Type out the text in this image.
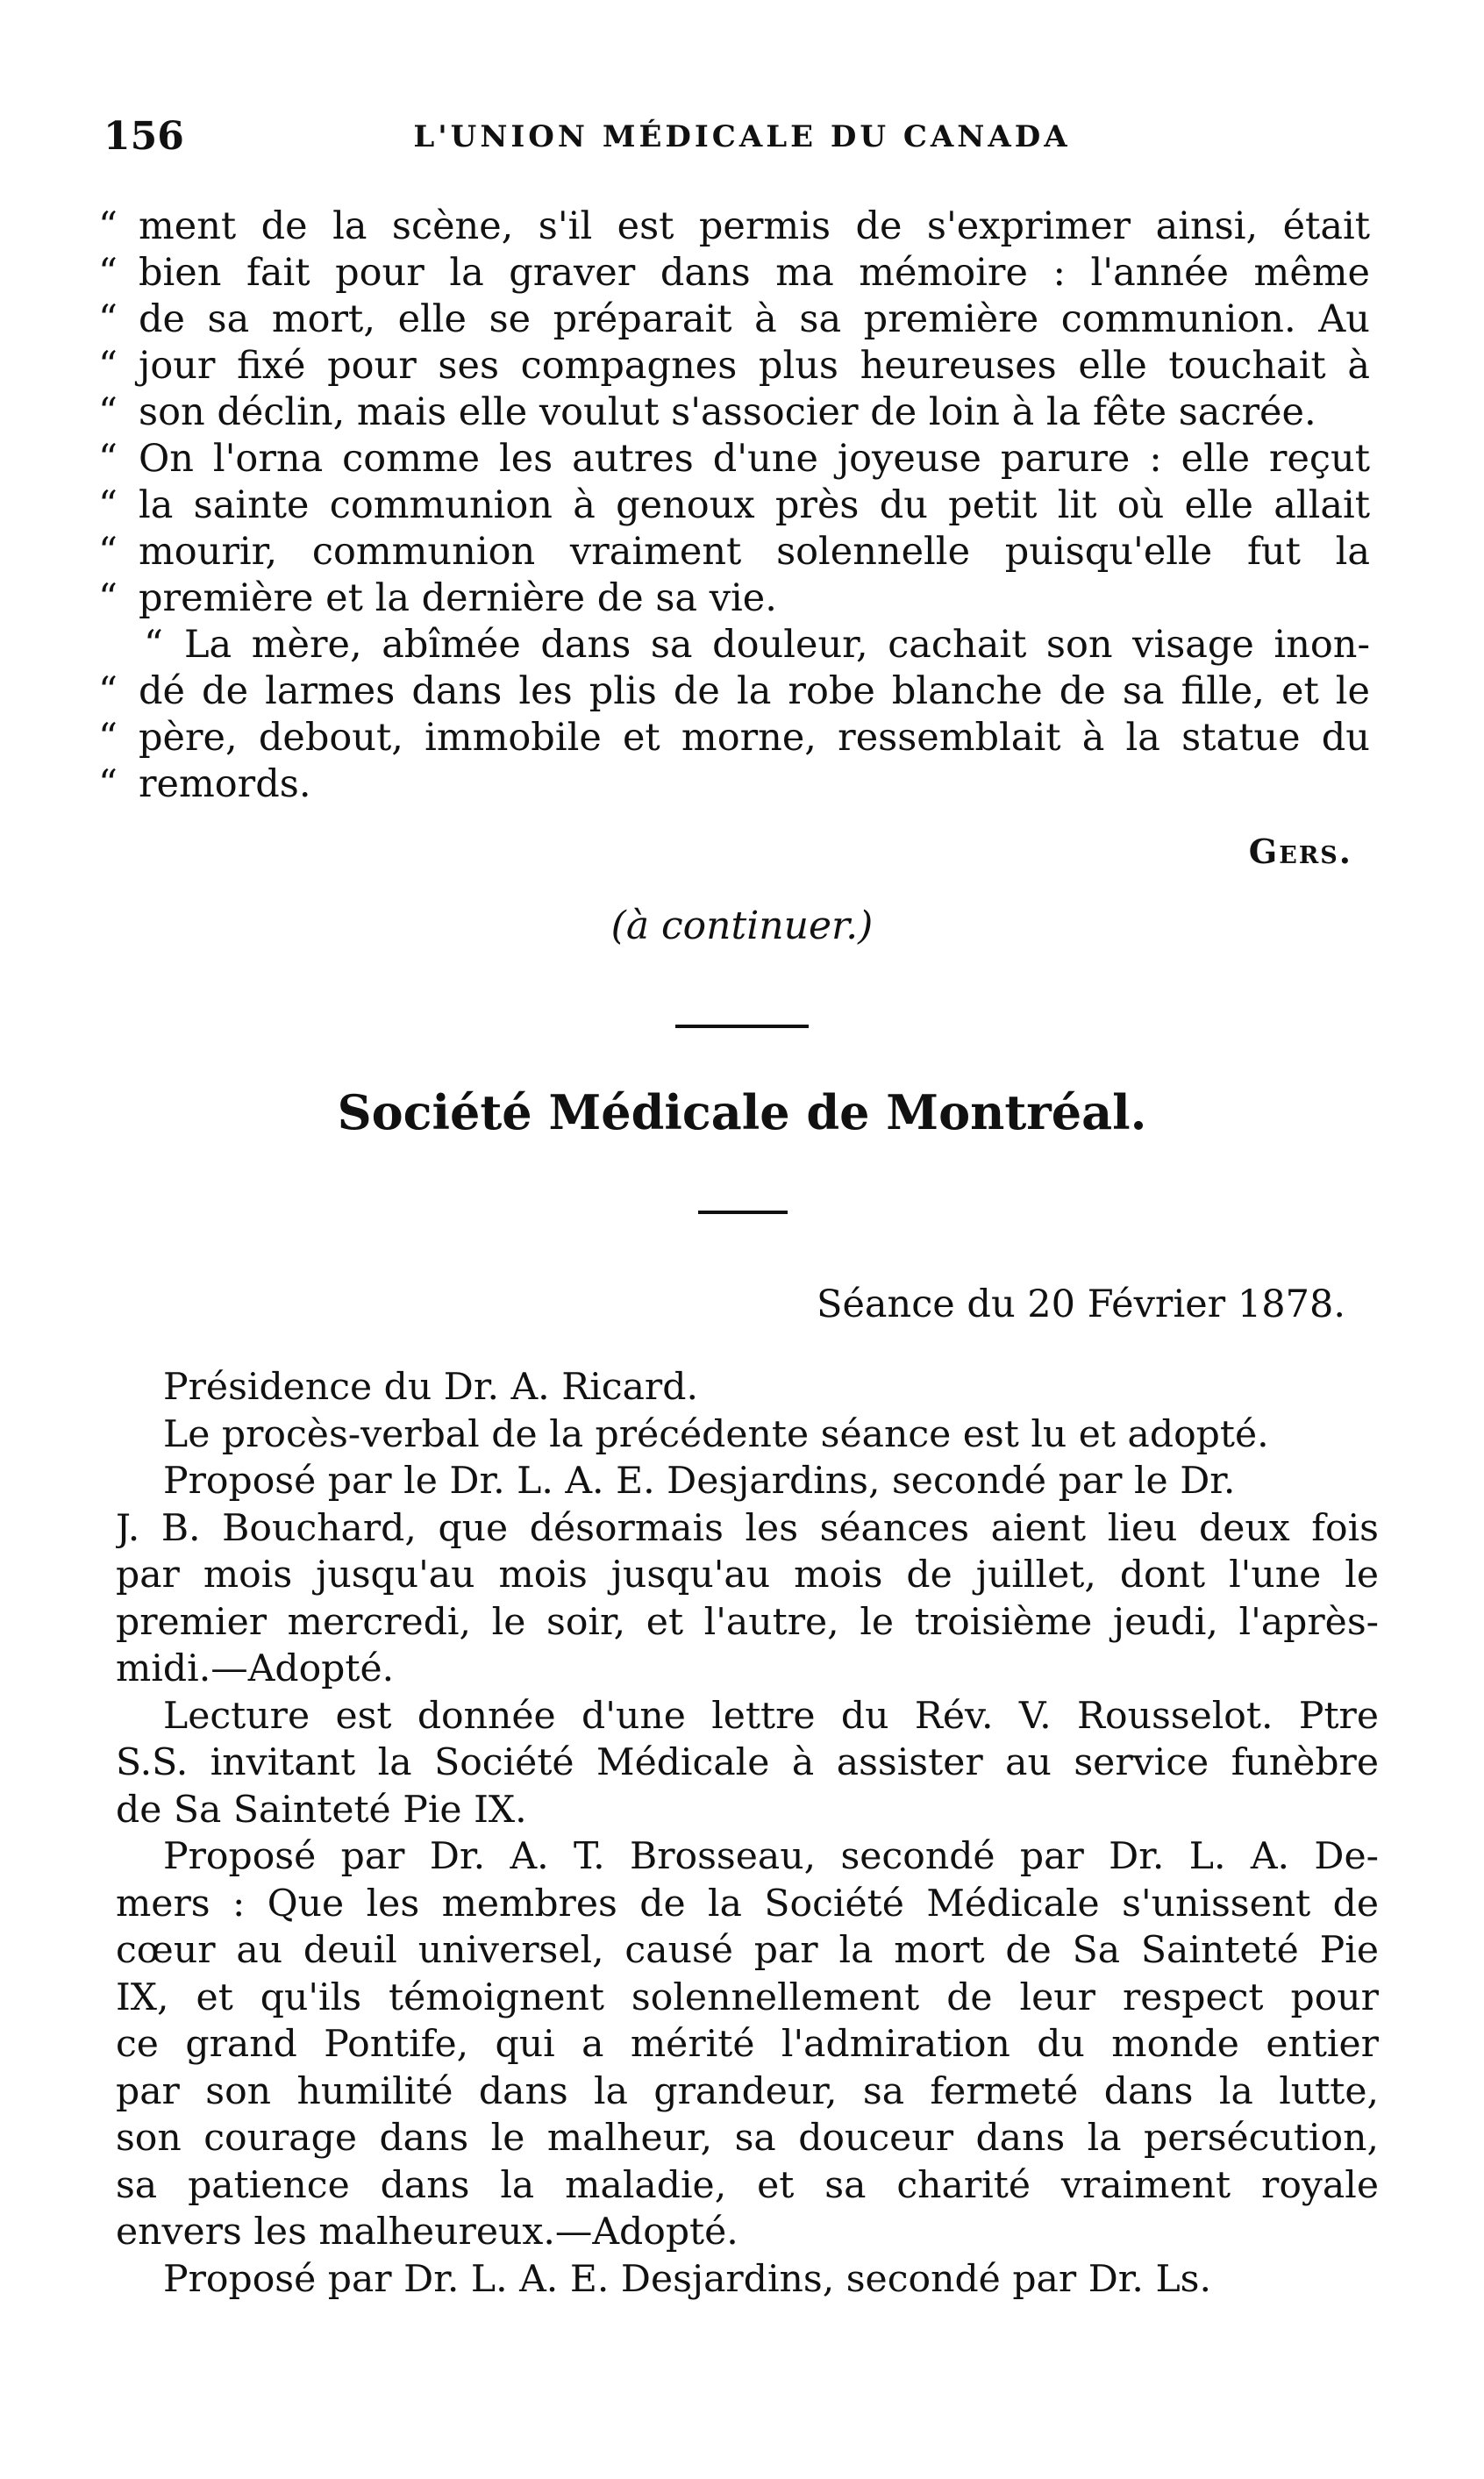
156	L'UNION MÉDICALE DU CANADA
“ ment de la scène, s'il est permis de s'exprimer ainsi, était
“ bien fait pour la graver dans ma mémoire : l'année même
“ de sa mort, elle se préparait à sa première communion. Au
“ jour fixé pour ses compagnes plus heureuses elle touchait à
“ son déclin, mais elle voulut s'associer de loin à la fête sacrée.
“ On l'orna comme les autres d'une joyeuse parure : elle reçut
“ la sainte communion à genoux près du petit lit où elle allait
“ mourir, communion vraiment solennelle puisqu'elle fut la
“ première et la dernière de sa vie.
“ La mère, abîmée dans sa douleur, cachait son visage inon-
“ dé de larmes dans les plis de la robe blanche de sa fille, et le
“ père, debout, immobile et morne, ressemblait à la statue du
“ remords.
Gers.
(à continuer.)
Société Médicale de Montréal.
Séance du 20 Février 1878.
Présidence du Dr. A. Ricard.
Le procès-verbal de la précédente séance est lu et adopté.
Proposé par le Dr. L. A. E. Desjardins, secondé par le Dr.
J. B. Bouchard, que désormais les séances aient lieu deux fois
par mois jusqu'au mois jusqu'au mois de juillet, dont l'une le
premier mercredi, le soir, et l'autre, le troisième jeudi, l'après-
midi.—Adopté.
Lecture est donnée d'une lettre du Rév. V. Rousselot. Ptre
S.S. invitant la Société Médicale à assister au service funèbre
de Sa Sainteté Pie IX.
Proposé par Dr. A. T. Brosseau, secondé par Dr. L. A. De-
mers : Que les membres de la Société Médicale s'unissent de
cœur au deuil universel, causé par la mort de Sa Sainteté Pie
IX, et qu'ils témoignent solennellement de leur respect pour
ce grand Pontife, qui a mérité l'admiration du monde entier
par son humilité dans la grandeur, sa fermeté dans la lutte,
son courage dans le malheur, sa douceur dans la persécution,
sa patience dans la maladie, et sa charité vraiment royale
envers les malheureux.—Adopté.
Proposé par Dr. L. A. E. Desjardins, secondé par Dr. Ls.
